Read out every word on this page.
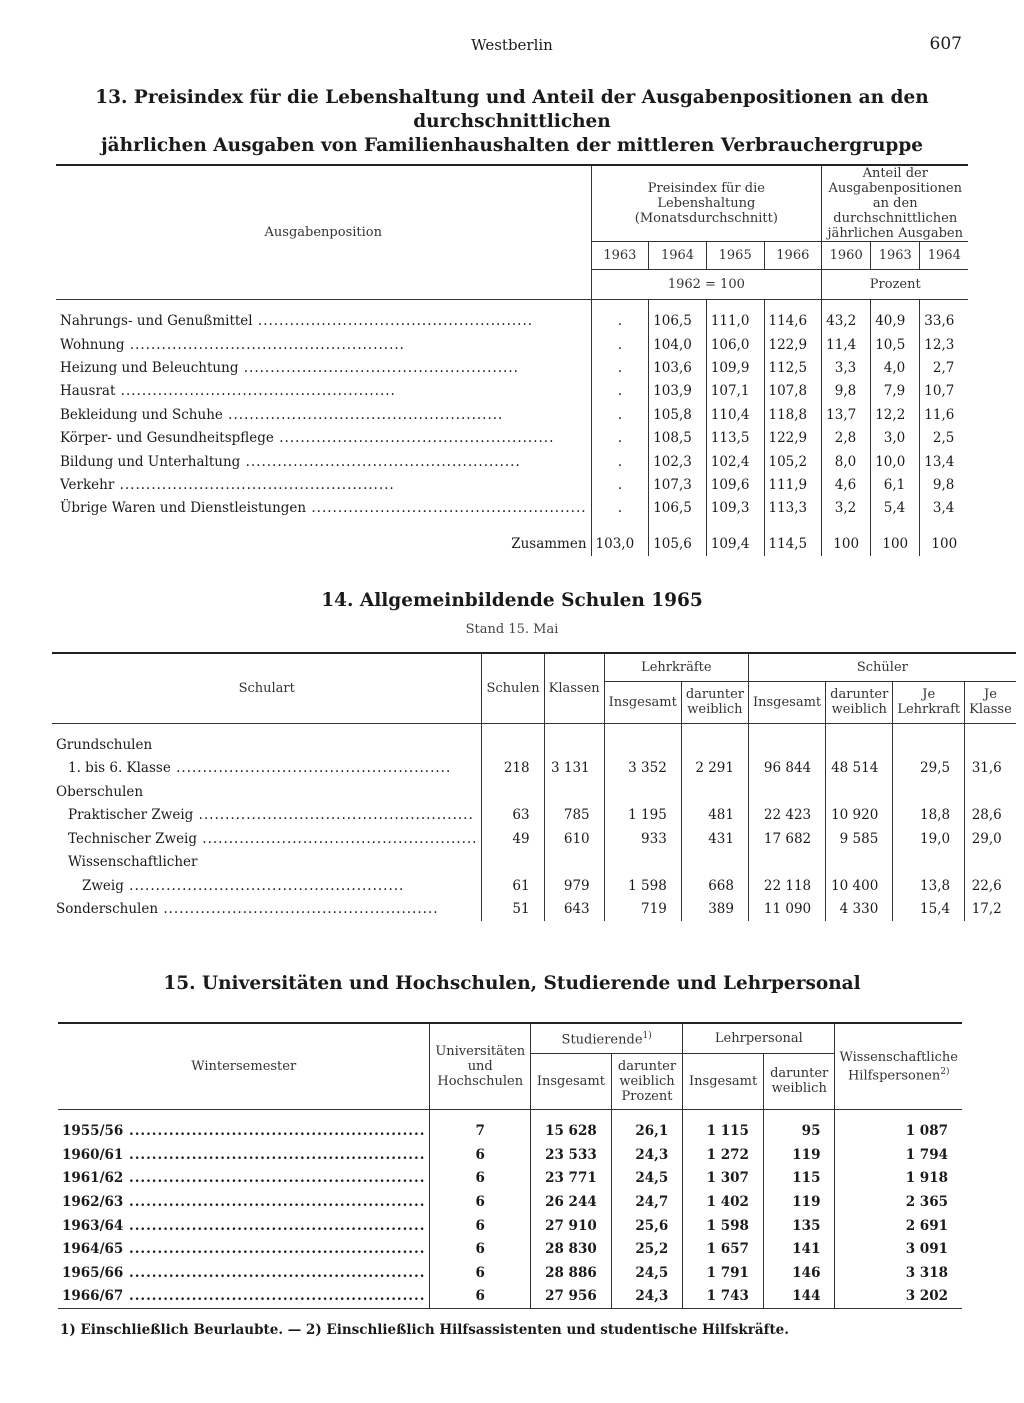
Westberlin	607
13. Preisindex für die Lebenshaltung und Anteil der Ausgabenpositionen an den durchschnittlichen
jährlichen Ausgaben von Familienhaushalten der mittleren Verbrauchergruppe
Ausgabenposition	Preisindex für die Lebenshaltung (Monatsdurchschnitt)				Anteil der Ausgabenpositionen an den durchschnittlichen jährlichen Ausgaben		
	1963	1964	1965	1966	1960	1963	1964
	1962 = 100				Prozent		

Nahrungs- und Genußmittel .....	.	106,5	111,0	114,6	43,2	40,9	33,6
Wohnung .....	.	104,0	106,0	122,9	11,4	10,5	12,3
Heizung und Beleuchtung .....	.	103,6	109,9	112,5	3,3	4,0	2,7
Hausrat .....	.	103,9	107,1	107,8	9,8	7,9	10,7
Bekleidung und Schuhe .....	.	105,8	110,4	118,8	13,7	12,2	11,6
Körper- und Gesundheitspflege .....	.	108,5	113,5	122,9	2,8	3,0	2,5
Bildung und Unterhaltung .....	.	102,3	102,4	105,2	8,0	10,0	13,4
Verkehr .....	.	107,3	109,6	111,9	4,6	6,1	9,8
Übrige Waren und Dienstleistungen .....	.	106,5	109,3	113,3	3,2	5,4	3,4

Zusammen	103,0	105,6	109,4	114,5	100	100	100
14. Allgemeinbildende Schulen 1965
Stand 15. Mai
Schulart	Schulen	Klassen	Lehrkräfte		Schüler			
			Insgesamt	darunter weiblich	Insgesamt	darunter weiblich	Je Lehrkraft	Je Klasse

Grundschulen								
1. bis 6. Klasse .....	218	3 131	3 352	2 291	96 844	48 514	29,5	31,6
Oberschulen								
Praktischer Zweig .....	63	785	1 195	481	22 423	10 920	18,8	28,6
Technischer Zweig .....	49	610	933	431	17 682	9 585	19,0	29,0
Wissenschaftlicher								
Zweig .....	61	979	1 598	668	22 118	10 400	13,8	22,6
Sonderschulen .....	51	643	719	389	11 090	4 330	15,4	17,2
15. Universitäten und Hochschulen, Studierende und Lehrpersonal
Wintersemester	Universitäten und Hochschulen	Studierende$^{1)}$		Lehrpersonal		Wissenschaftliche Hilfspersonen$^{2)}$
		Insgesamt	darunter weiblich Prozent	Insgesamt	darunter weiblich	

1955/56 .....	7	15 628	26,1	1 115	95	1 087
1960/61 .....	6	23 533	24,3	1 272	119	1 794
1961/62 .....	6	23 771	24,5	1 307	115	1 918
1962/63 .....	6	26 244	24,7	1 402	119	2 365
1963/64 .....	6	27 910	25,6	1 598	135	2 691
1964/65 .....	6	28 830	25,2	1 657	141	3 091
1965/66 .....	6	28 886	24,5	1 791	146	3 318
1966/67 .....	6	27 956	24,3	1 743	144	3 202
1) Einschließlich Beurlaubte. — 2) Einschließlich Hilfsassistenten und studentische Hilfskräfte.
